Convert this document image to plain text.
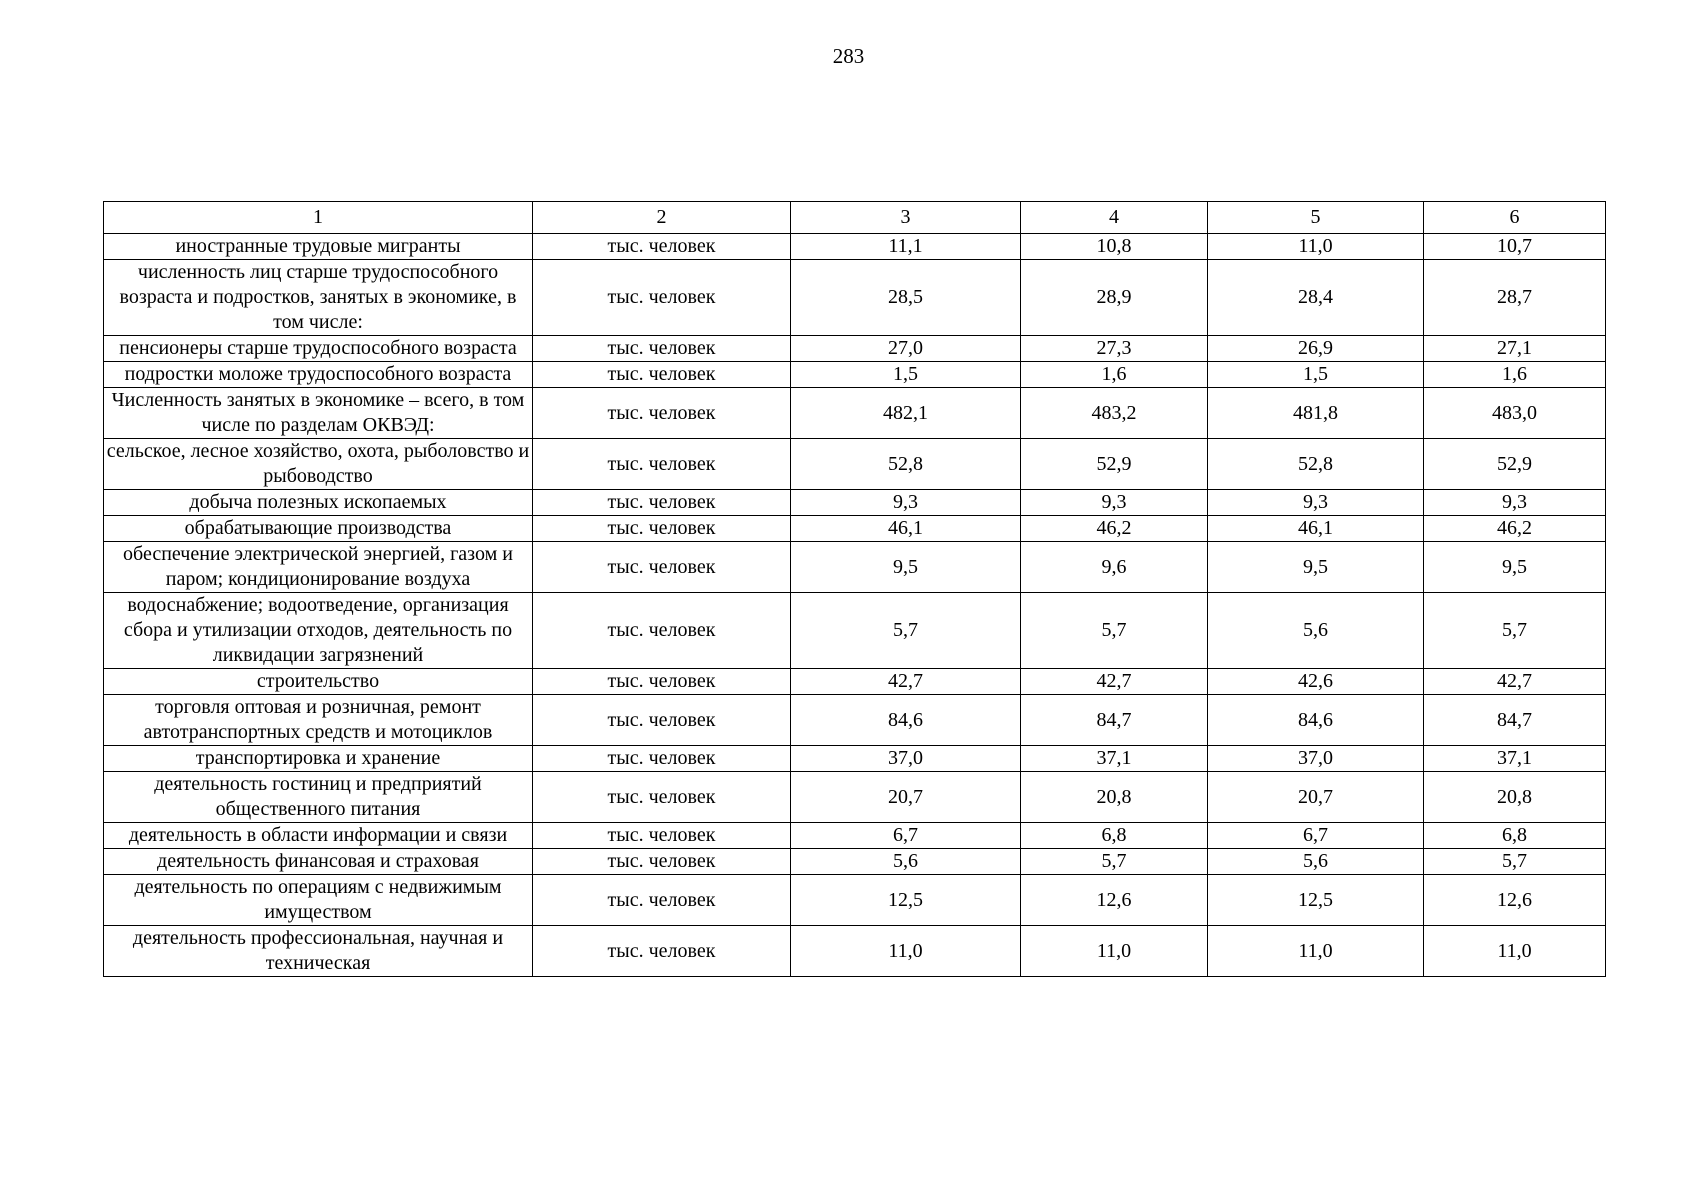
283
1	2	3	4	5	6
иностранные трудовые мигранты	тыс. человек	11,1	10,8	11,0	10,7
численность лиц старше трудоспособного возраста и подростков, занятых в экономике, в том числе:	тыс. человек	28,5	28,9	28,4	28,7
пенсионеры старше трудоспособного возраста	тыс. человек	27,0	27,3	26,9	27,1
подростки моложе трудоспособного возраста	тыс. человек	1,5	1,6	1,5	1,6
Численность занятых в экономике – всего, в том числе по разделам ОКВЭД:	тыс. человек	482,1	483,2	481,8	483,0
сельское, лесное хозяйство, охота, рыболовство и рыбоводство	тыс. человек	52,8	52,9	52,8	52,9
добыча полезных ископаемых	тыс. человек	9,3	9,3	9,3	9,3
обрабатывающие производства	тыс. человек	46,1	46,2	46,1	46,2
обеспечение электрической энергией, газом и паром; кондиционирование воздуха	тыс. человек	9,5	9,6	9,5	9,5
водоснабжение; водоотведение, организация сбора и утилизации отходов, деятельность по ликвидации загрязнений	тыс. человек	5,7	5,7	5,6	5,7
строительство	тыс. человек	42,7	42,7	42,6	42,7
торговля оптовая и розничная, ремонт автотранспортных средств и мотоциклов	тыс. человек	84,6	84,7	84,6	84,7
транспортировка и хранение	тыс. человек	37,0	37,1	37,0	37,1
деятельность гостиниц и предприятий общественного питания	тыс. человек	20,7	20,8	20,7	20,8
деятельность в области информации и связи	тыс. человек	6,7	6,8	6,7	6,8
деятельность финансовая и страховая	тыс. человек	5,6	5,7	5,6	5,7
деятельность по операциям с недвижимым имуществом	тыс. человек	12,5	12,6	12,5	12,6
деятельность профессиональная, научная и техническая	тыс. человек	11,0	11,0	11,0	11,0
